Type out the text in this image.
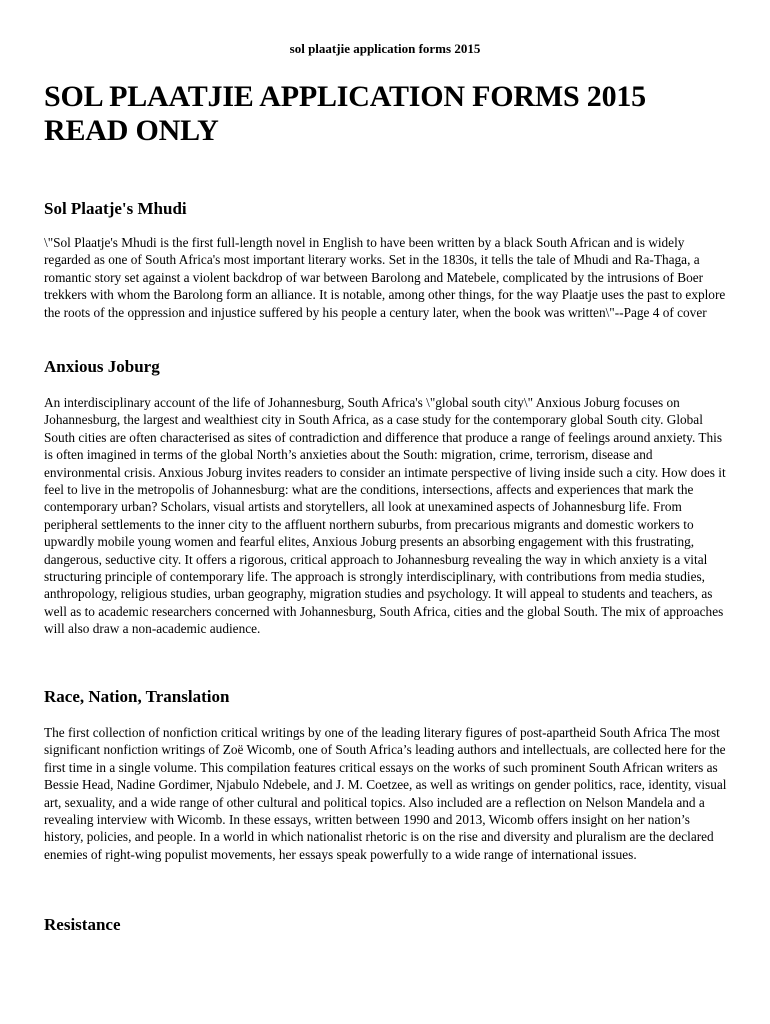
sol plaatjie application forms 2015
SOL PLAATJIE APPLICATION FORMS 2015 READ ONLY
Sol Plaatje's Mhudi

\"Sol Plaatje's Mhudi is the first full-length novel in English to have been written by a black South African and is widely regarded as one of South Africa's most important literary works. Set in the 1830s, it tells the tale of Mhudi and Ra-Thaga, a romantic story set against a violent backdrop of war between Barolong and Matebele, complicated by the intrusions of Boer trekkers with whom the Barolong form an alliance. It is notable, among other things, for the way Plaatje uses the past to explore the roots of the oppression and injustice suffered by his people a century later, when the book was written\"--Page 4 of cover

Anxious Joburg

An interdisciplinary account of the life of Johannesburg, South Africa's \"global south city\" Anxious Joburg focuses on Johannesburg, the largest and wealthiest city in South Africa, as a case study for the contemporary global South city. Global South cities are often characterised as sites of contradiction and difference that produce a range of feelings around anxiety. This is often imagined in terms of the global North’s anxieties about the South: migration, crime, terrorism, disease and environmental crisis. Anxious Joburg invites readers to consider an intimate perspective of living inside such a city. How does it feel to live in the metropolis of Johannesburg: what are the conditions, intersections, affects and experiences that mark the contemporary urban? Scholars, visual artists and storytellers, all look at unexamined aspects of Johannesburg life. From peripheral settlements to the inner city to the affluent northern suburbs, from precarious migrants and domestic workers to upwardly mobile young women and fearful elites, Anxious Joburg presents an absorbing engagement with this frustrating, dangerous, seductive city. It offers a rigorous, critical approach to Johannesburg revealing the way in which anxiety is a vital structuring principle of contemporary life. The approach is strongly interdisciplinary, with contributions from media studies, anthropology, religious studies, urban geography, migration studies and psychology. It will appeal to students and teachers, as well as to academic researchers concerned with Johannesburg, South Africa, cities and the global South. The mix of approaches will also draw a non-academic audience.

Race, Nation, Translation

The first collection of nonfiction critical writings by one of the leading literary figures of post-apartheid South Africa The most significant nonfiction writings of Zoë Wicomb, one of South Africa’s leading authors and intellectuals, are collected here for the first time in a single volume. This compilation features critical essays on the works of such prominent South African writers as Bessie Head, Nadine Gordimer, Njabulo Ndebele, and J. M. Coetzee, as well as writings on gender politics, race, identity, visual art, sexuality, and a wide range of other cultural and political topics. Also included are a reflection on Nelson Mandela and a revealing interview with Wicomb. In these essays, written between 1990 and 2013, Wicomb offers insight on her nation’s history, policies, and people. In a world in which nationalist rhetoric is on the rise and diversity and pluralism are the declared enemies of right-wing populist movements, her essays speak powerfully to a wide range of international issues.

Resistance
